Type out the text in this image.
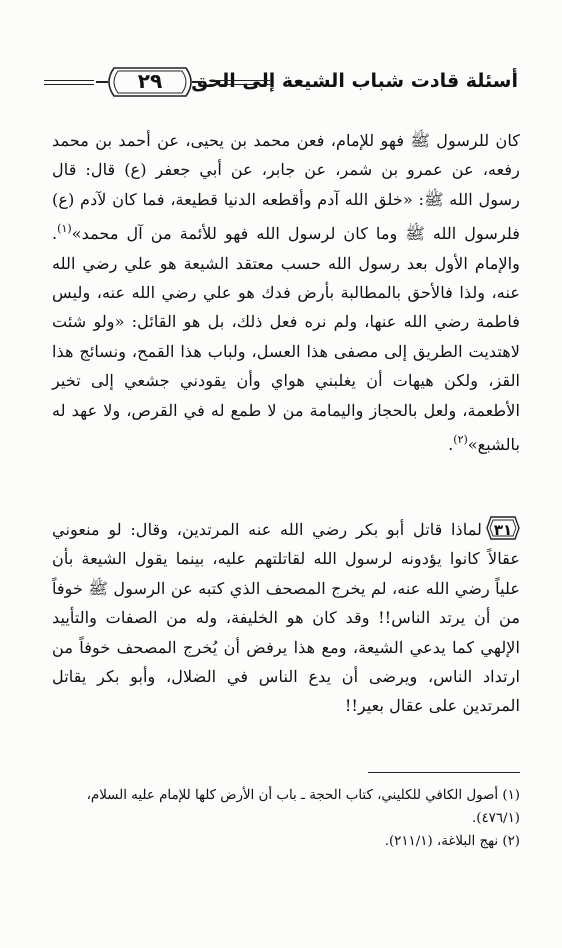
أسئلة قادت شباب الشيعة إلى الحق
٢٩

كان للرسول ﷺ فهو للإمام، فعن محمد بن يحيى، عن أحمد بن محمد رفعه، عن عمرو بن شمر، عن جابر، عن أبي جعفر (ع) قال: قال رسول الله ﷺ: «خلق الله آدم وأقطعه الدنيا قطيعة، فما كان لآدم (ع) فلرسول الله ﷺ وما كان لرسول الله فهو للأئمة من آل محمد»$^{(١)}$. والإمام الأول بعد رسول الله حسب معتقد الشيعة هو علي رضي الله عنه، ولذا فالأحق بالمطالبة بأرض فدك هو علي رضي الله عنه، وليس فاطمة رضي الله عنها، ولم نره فعل ذلك، بل هو القائل: «ولو شئت لاهتديت الطريق إلى مصفى هذا العسل، ولباب هذا القمح، ونسائج هذا القز، ولكن هيهات أن يغلبني هواي وأن يقودني جشعي إلى تخير الأطعمة، ولعل بالحجاز واليمامة من لا طمع له في القرص، ولا عهد له بالشبع»$^{(٢)}$.

٣١
لماذا قاتل أبو بكر رضي الله عنه المرتدين، وقال: لو منعوني عقالاً كانوا يؤدونه لرسول الله لقاتلتهم عليه، بينما يقول الشيعة بأن علياً رضي الله عنه، لم يخرج المصحف الذي كتبه عن الرسول ﷺ خوفاً من أن يرتد الناس!! وقد كان هو الخليفة، وله من الصفات والتأييد الإلهي كما يدعي الشيعة، ومع هذا يرفض أن يُخرج المصحف خوفاً من ارتداد الناس، ويرضى أن يدع الناس في الضلال، وأبو بكر يقاتل المرتدين على عقال بعير!!

(١) أصول الكافي للكليني، كتاب الحجة ـ باب أن الأرض كلها للإمام عليه السلام، (٤٧٦/١).

(٢) نهج البلاغة، (٢١١/١).
